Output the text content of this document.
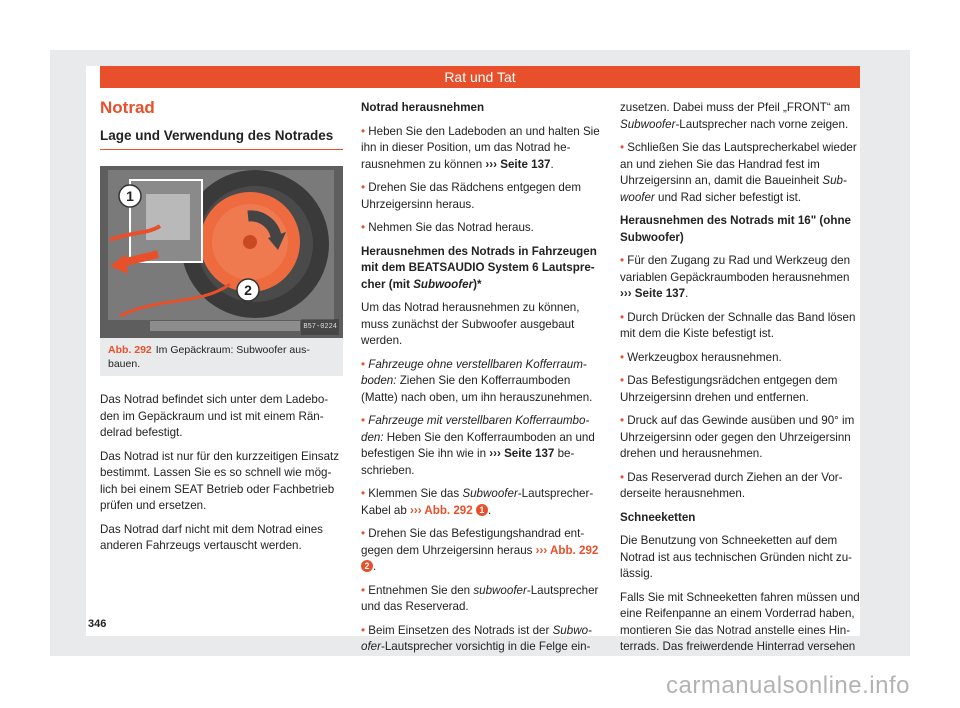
Rat und Tat
Notrad
Lage und Verwendung des Notrades
1
2
B57-0224
Abb. 292 Im Gepäckraum: Subwoofer ausbauen.

Das Notrad befindet sich unter dem Ladeboden im Gepäckraum und ist mit einem Rändelrad befestigt.

Das Notrad ist nur für den kurzzeitigen Einsatz bestimmt. Lassen Sie es so schnell wie möglich bei einem SEAT Betrieb oder Fachbetrieb prüfen und ersetzen.

Das Notrad darf nicht mit dem Notrad eines anderen Fahrzeugs vertauscht werden.

Notrad herausnehmen

• Heben Sie den Ladeboden an und halten Sie ihn in dieser Position, um das Notrad herausnehmen zu können ››› Seite 137.

• Drehen Sie das Rädchens entgegen dem Uhrzeigersinn heraus.

• Nehmen Sie das Notrad heraus.

Herausnehmen des Notrads in Fahrzeugen mit dem BEATSAUDIO System 6 Lautsprecher (mit Subwoofer)*

Um das Notrad herausnehmen zu können, muss zunächst der Subwoofer ausgebaut werden.

• Fahrzeuge ohne verstellbaren Kofferraumboden: Ziehen Sie den Kofferraumboden (Matte) nach oben, um ihn herauszunehmen.

• Fahrzeuge mit verstellbaren Kofferraumboden: Heben Sie den Kofferraumboden an und befestigen Sie ihn wie in ››› Seite 137 beschrieben.

• Klemmen Sie das Subwoofer-Lautsprecher-Kabel ab ››› Abb. 292 1 .

• Drehen Sie das Befestigungshandrad entgegen dem Uhrzeigersinn heraus ››› Abb. 292 2 .

• Entnehmen Sie den subwoofer-Lautsprecher und das Reserverad.

• Beim Einsetzen des Notrads ist der Subwoofer-Lautsprecher vorsichtig in die Felge ein-

zusetzen. Dabei muss der Pfeil „FRONT“ am Subwoofer-Lautsprecher nach vorne zeigen.

• Schließen Sie das Lautsprecherkabel wieder an und ziehen Sie das Handrad fest im Uhrzeigersinn an, damit die Baueinheit Subwoofer und Rad sicher befestigt ist.

Herausnehmen des Notrads mit 16" (ohne Subwoofer)

• Für den Zugang zu Rad und Werkzeug den variablen Gepäckraumboden herausnehmen ››› Seite 137.

• Durch Drücken der Schnalle das Band lösen mit dem die Kiste befestigt ist.

• Werkzeugbox herausnehmen.

• Das Befestigungsrädchen entgegen dem Uhrzeigersinn drehen und entfernen.

• Druck auf das Gewinde ausüben und 90° im Uhrzeigersinn oder gegen den Uhrzeigersinn drehen und herausnehmen.

• Das Reserverad durch Ziehen an der Vorderseite herausnehmen.

Schneeketten

Die Benutzung von Schneeketten auf dem Notrad ist aus technischen Gründen nicht zulässig.

Falls Sie mit Schneeketten fahren müssen und eine Reifenpanne an einem Vorderrad haben, montieren Sie das Notrad anstelle eines Hinterrads. Das freiwerdende Hinterrad versehen

346
carmanualsonline.info
